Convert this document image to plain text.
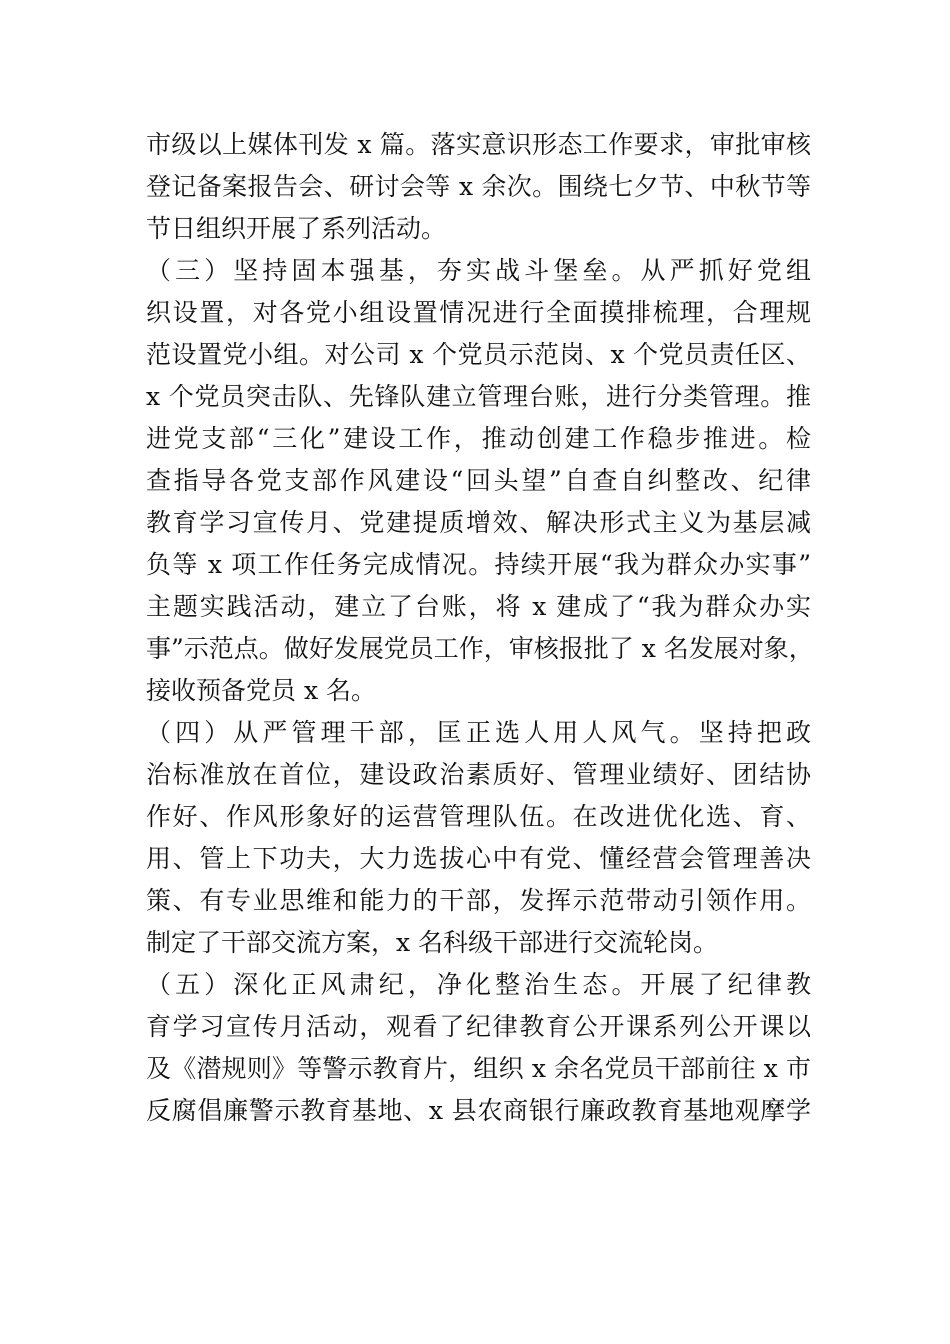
市级以上媒体刊发 x 篇。落实意识形态工作要求，审批审核
登记备案报告会、研讨会等 x 余次。围绕七夕节、中秋节等
节日组织开展了系列活动。
（三）坚持固本强基，夯实战斗堡垒。从严抓好党组
织设置，对各党小组设置情况进行全面摸排梳理，合理规
范设置党小组。对公司 x 个党员示范岗、x 个党员责任区、
x 个党员突击队、先锋队建立管理台账，进行分类管理。推
进党支部“三化”建设工作，推动创建工作稳步推进。检
查指导各党支部作风建设“回头望”自查自纠整改、纪律
教育学习宣传月、党建提质增效、解决形式主义为基层减
负等 x 项工作任务完成情况。持续开展“我为群众办实事”
主题实践活动，建立了台账，将 x 建成了“我为群众办实
事”示范点。做好发展党员工作，审核报批了 x 名发展对象，
接收预备党员 x 名。
（四）从严管理干部，匡正选人用人风气。坚持把政
治标准放在首位，建设政治素质好、管理业绩好、团结协
作好、作风形象好的运营管理队伍。在改进优化选、育、
用、管上下功夫，大力选拔心中有党、懂经营会管理善决
策、有专业思维和能力的干部，发挥示范带动引领作用。
制定了干部交流方案，x 名科级干部进行交流轮岗。
（五）深化正风肃纪，净化整治生态。开展了纪律教
育学习宣传月活动，观看了纪律教育公开课系列公开课以
及《潜规则》等警示教育片，组织 x 余名党员干部前往 x 市
反腐倡廉警示教育基地、x 县农商银行廉政教育基地观摩学
